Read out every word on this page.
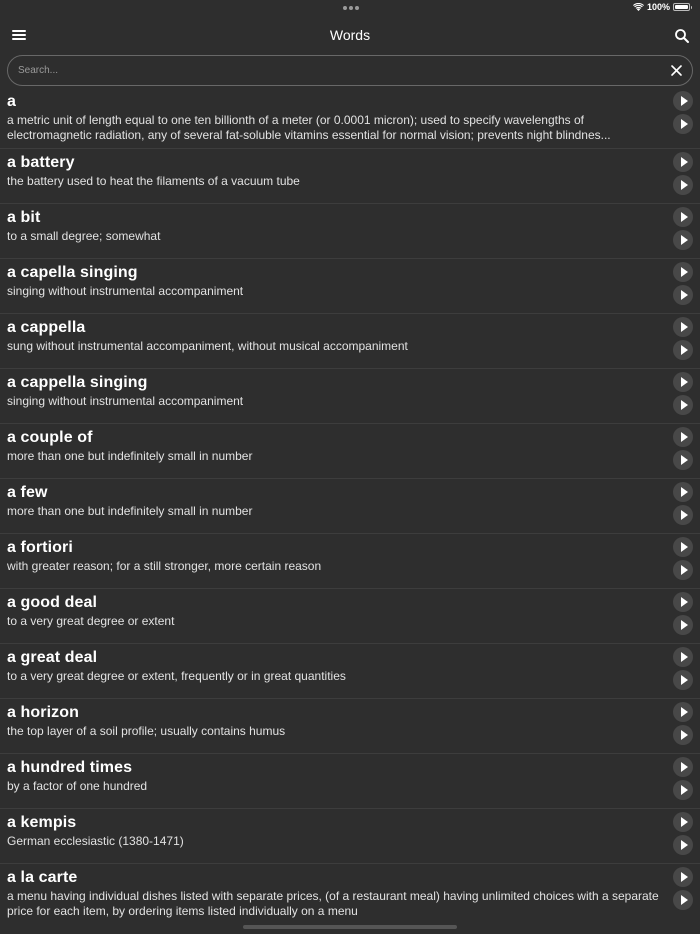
100%
Words
Search...
a
a metric unit of length equal to one ten billionth of a meter (or 0.0001 micron); used to specify wavelengths of electromagnetic radiation, any of several fat-soluble vitamins essential for normal vision; prevents night blindnes...
a battery
the battery used to heat the filaments of a vacuum tube
a bit
to a small degree; somewhat
a capella singing
singing without instrumental accompaniment
a cappella
sung without instrumental accompaniment, without musical accompaniment
a cappella singing
singing without instrumental accompaniment
a couple of
more than one but indefinitely small in number
a few
more than one but indefinitely small in number
a fortiori
with greater reason; for a still stronger, more certain reason
a good deal
to a very great degree or extent
a great deal
to a very great degree or extent, frequently or in great quantities
a horizon
the top layer of a soil profile; usually contains humus
a hundred times
by a factor of one hundred
a kempis
German ecclesiastic (1380-1471)
a la carte
a menu having individual dishes listed with separate prices, (of a restaurant meal) having unlimited choices with a separate price for each item, by ordering items listed individually on a menu
